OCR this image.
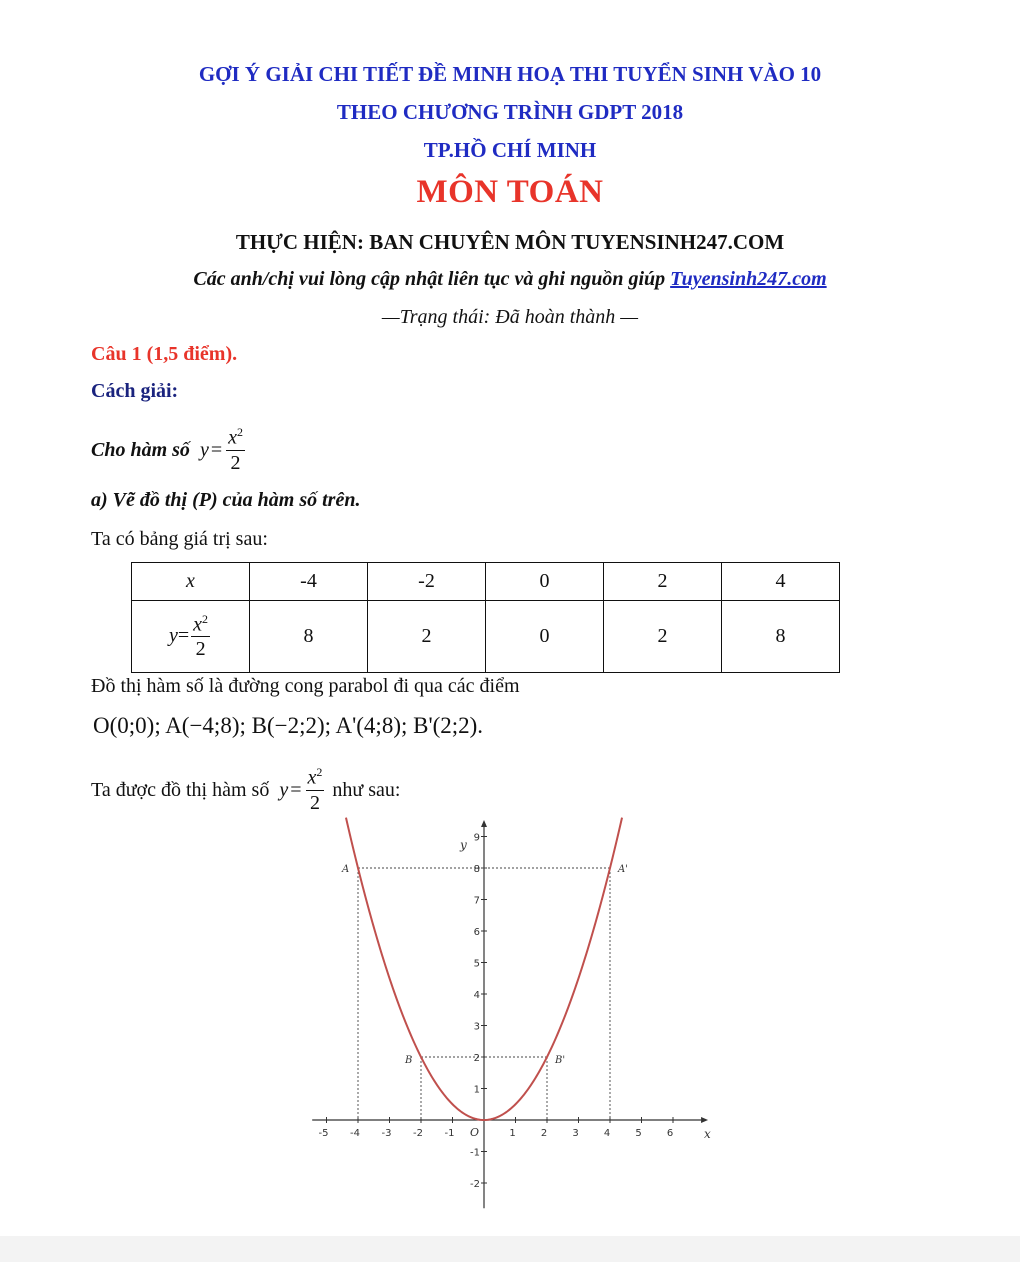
GỢI Ý GIẢI CHI TIẾT ĐỀ MINH HOẠ THI TUYỂN SINH VÀO 10
THEO CHƯƠNG TRÌNH GDPT 2018
TP.HỒ CHÍ MINH
MÔN TOÁN
THỰC HIỆN: BAN CHUYÊN MÔN TUYENSINH247.COM
Các anh/chị vui lòng cập nhật liên tục và ghi nguồn giúp Tuyensinh247.com
—Trạng thái: Đã hoàn thành —
Câu 1 (1,5 điểm).
Cách giải:
Cho hàm số $y = \frac{x^2}{2}$
a) Vẽ đồ thị (P) của hàm số trên.
Ta có bảng giá trị sau:
x	-4	-2	0	2	4
$y= \frac{x^2}{2}$	8	2	0	2	8
Đồ thị hàm số là đường cong parabol đi qua các điểm
O(0;0); A(−4;8); B(−2;2); A'(4;8); B'(2;2).
Ta được đồ thị hàm số $y = \frac{x^2}{2}$ như sau:
-5 -4 -3 -2 -1	1	2	3	4	5	6
9
8
7
6
5
4
3
2
1
-1
-2
x
y
O
A	A'
B	B'
